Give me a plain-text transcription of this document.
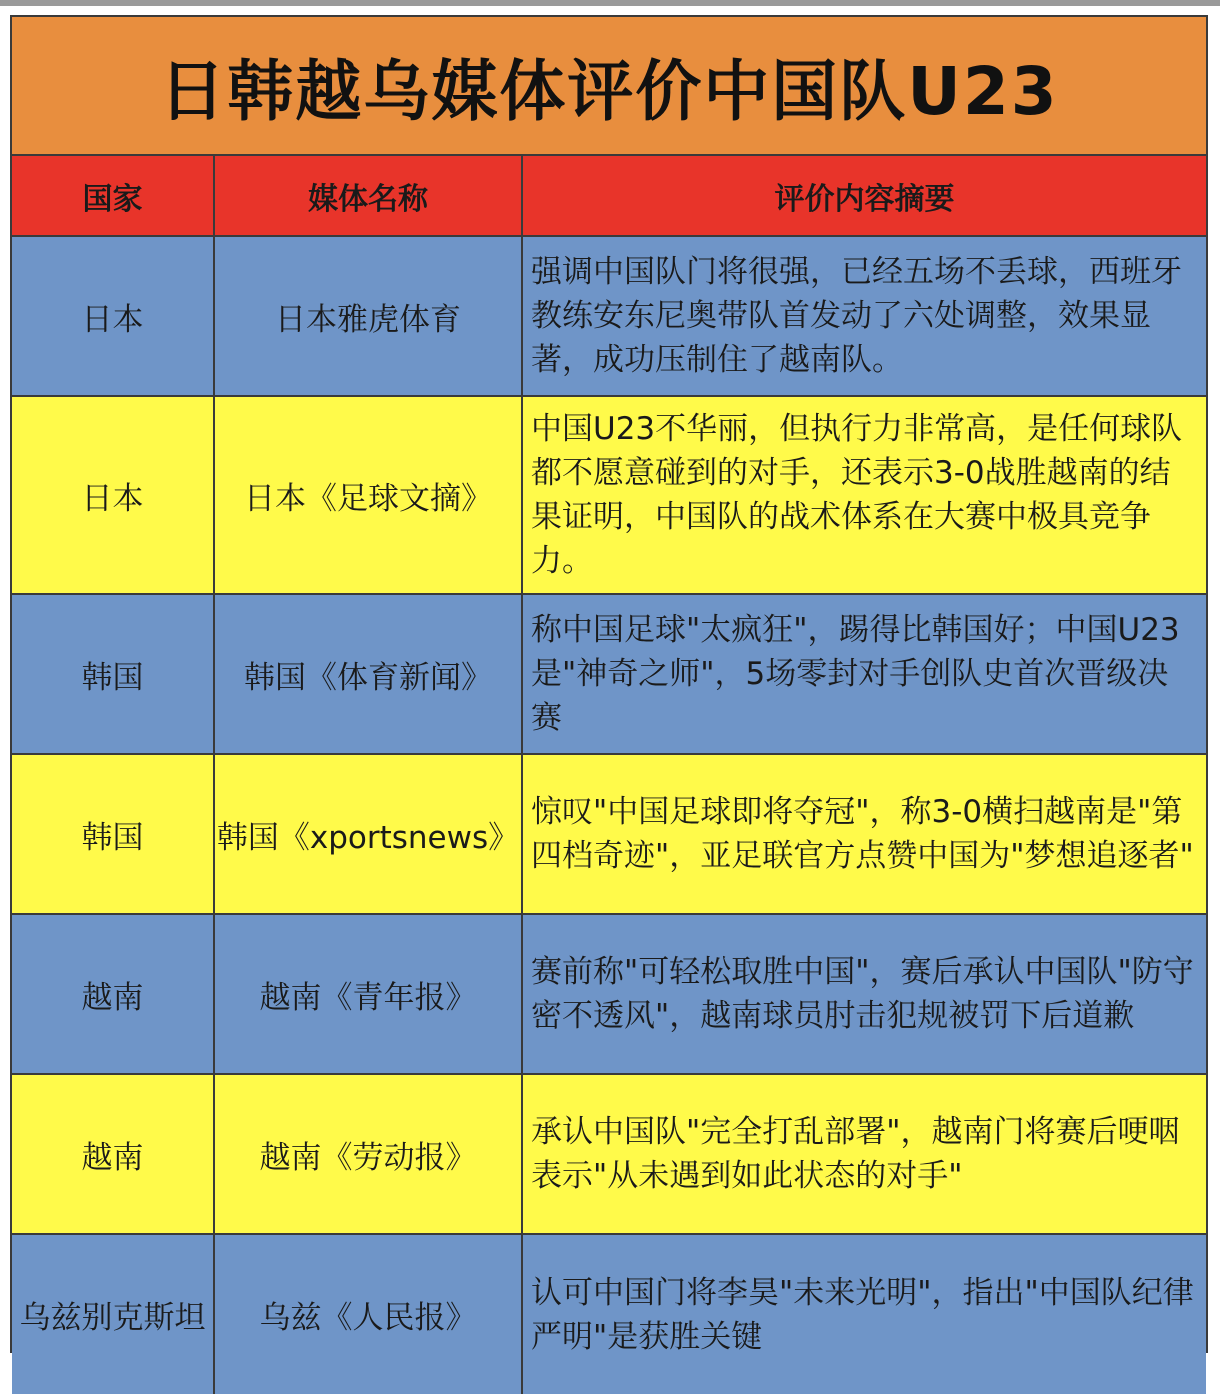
日韩越乌媒体评价中国队U23
国家	媒体名称	评价内容摘要
日本	日本雅虎体育	强调中国队门将很强，已经五场不丢球，西班牙教练安东尼奥带队首发动了六处调整，效果显著，成功压制住了越南队。

日本	日本《足球文摘》	中国U23不华丽，但执行力非常高，是任何球队都不愿意碰到的对手，还表示3-0战胜越南的结果证明，中国队的战术体系在大赛中极具竞争力。

韩国	韩国《体育新闻》	称中国足球"太疯狂"，踢得比韩国好；中国U23是"神奇之师"，5场零封对手创队史首次晋级决赛

韩国	韩国《xportsnews》	惊叹"中国足球即将夺冠"，称3-0横扫越南是"第四档奇迹"，亚足联官方点赞中国为"梦想追逐者"

越南	越南《青年报》	赛前称"可轻松取胜中国"，赛后承认中国队"防守密不透风"，越南球员肘击犯规被罚下后道歉

越南	越南《劳动报》	承认中国队"完全打乱部署"，越南门将赛后哽咽表示"从未遇到如此状态的对手"

乌兹别克斯坦	乌兹《人民报》	认可中国门将李昊"未来光明"，指出"中国队纪律严明"是获胜关键
